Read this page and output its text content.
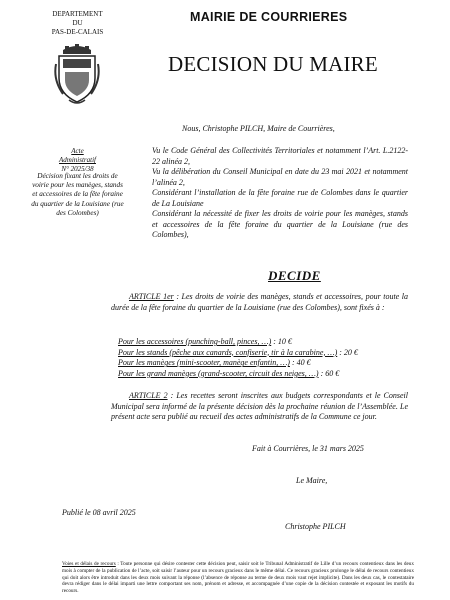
DEPARTEMENT
DU
PAS-DE-CALAIS
Acte
Administratif
N° 2025/38
Décision fixant les droits de voirie pour les manèges, stands et accessoires de la fête foraine du quartier de la Louisiane (rue des Colombes)
MAIRIE DE COURRIERES
DECISION DU MAIRE
Nous, Christophe PILCH, Maire de Courrières,
Vu le Code Général des Collectivités Territoriales et notamment l’Art. L.2122-22 alinéa 2,
Vu la délibération du Conseil Municipal en date du 23 mai 2021 et notamment l’alinéa 2,
Considérant l’installation de la fête foraine rue de Colombes dans le quartier de La Louisiane
Considérant la nécessité de fixer les droits de voirie pour les manèges, stands et accessoires de la fête foraine du quartier de la Louisiane (rue des Colombes),
DECIDE
ARTICLE 1er : Les droits de voirie des manèges, stands et accessoires, pour toute la durée de la fête foraine du quartier de la Louisiane (rue des Colombes), sont fixés à :
Pour les accessoires (punching-ball, pinces, …) : 10 €
Pour les stands (pêche aux canards, confiserie, tir à la carabine, …) : 20 €
Pour les manèges (mini-scooter, manège enfantin, …) : 40 €
Pour les grand manèges (grand-scooter, circuit des neiges, …) : 60 €
ARTICLE 2 : Les recettes seront inscrites aux budgets correspondants et le Conseil Municipal sera informé de la présente décision dès la prochaine réunion de l’Assemblée. Le présent acte sera publié au recueil des actes administratifs de la Commune ce jour.
Fait à Courrières, le 31 mars 2025
Le Maire,
Publié le 08 avril 2025
Christophe PILCH
Voies et délais de recours : Toute personne qui désire contester cette décision peut, saisir soit le Tribunal Administratif de Lille d’un recours contentieux dans les deux mois à compter de la publication de l’acte, soit saisir l’auteur pour un recours gracieux dans le même délai. Ce recours gracieux prolonge le délai de recours contentieux qui doit alors être introduit dans les deux mois suivant la réponse (l’absence de réponse au terme de deux mois vaut rejet implicite). Dans les deux cas, le contestataire devra rédiger dans le délai imparti une lettre comportant ses nom, prénom et adresse, et accompagnée d’une copie de la décision contestée et exposant les motifs du recours.
